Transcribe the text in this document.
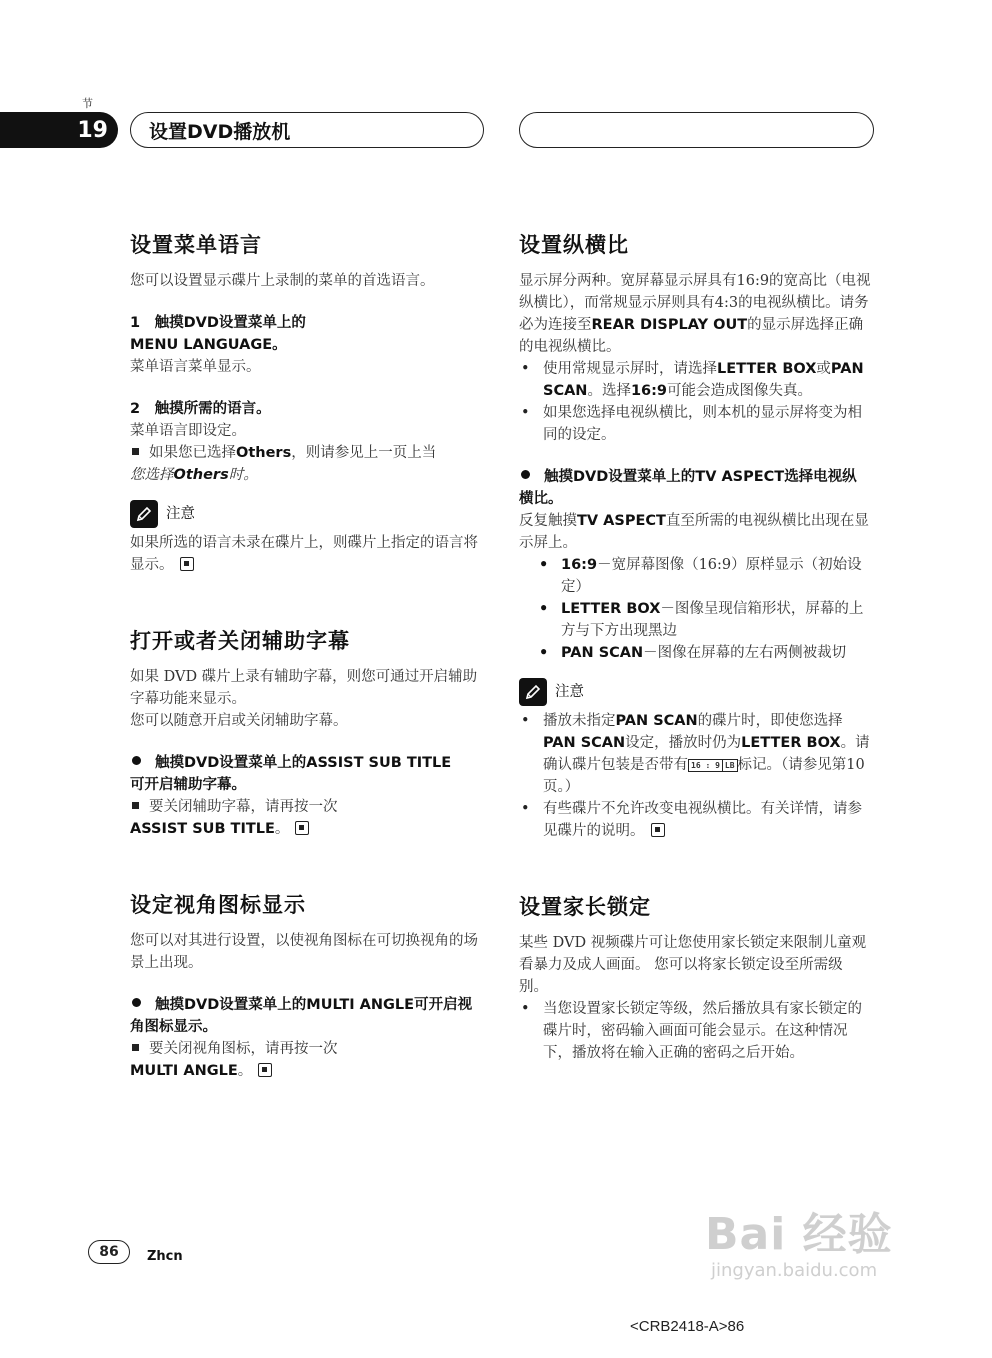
节
19	设置DVD播放机
设置菜单语言

您可以设置显示碟片上录制的菜单的首选语言。

1　触摸DVD设置菜单上的

MENU LANGUAGE。

菜单语言菜单显示。

2　触摸所需的语言。

菜单语言即设定。

如果您已选择Others，则请参见上一页上当
您选择Others时。

注意

如果所选的语言未录在碟片上，则碟片上指定的语言将显示。

打开或者关闭辅助字幕

如果 DVD 碟片上录有辅助字幕，则您可通过开启辅助字幕功能来显示。

您可以随意开启或关闭辅助字幕。

触摸DVD设置菜单上的ASSIST SUB TITLE
可开启辅助字幕。

要关闭辅助字幕，请再按一次
ASSIST SUB TITLE。

设定视角图标显示

您可以对其进行设置，以使视角图标在可切换视角的场景上出现。

触摸DVD设置菜单上的MULTI ANGLE可开启视角图标显示。

要关闭视角图标，请再按一次
MULTI ANGLE。

设置纵横比

显示屏分两种。宽屏幕显示屏具有16:9的宽高比（电视纵横比），而常规显示屏则具有4:3的电视纵横比。请务必为连接至REAR DISPLAY OUT的显示屏选择正确的电视纵横比。

• 使用常规显示屏时，请选择LETTER BOX或PAN SCAN。选择16:9可能会造成图像失真。

• 如果您选择电视纵横比，则本机的显示屏将变为相同的设定。

触摸DVD设置菜单上的TV ASPECT选择电视纵横比。

反复触摸TV ASPECT直至所需的电视纵横比出现在显示屏上。

• 16:9－宽屏幕图像（16:9）原样显示（初始设定）

• LETTER BOX－图像呈现信箱形状，屏幕的上方与下方出现黑边

• PAN SCAN－图像在屏幕的左右两侧被裁切

注意

• 播放未指定PAN SCAN的碟片时，即使您选择PAN SCAN设定，播放时仍为LETTER BOX。请确认碟片包装是否带有 16 : 9 LB 标记。（请参见第10页。）

• 有些碟片不允许改变电视纵横比。有关详情，请参见碟片的说明。

设置家长锁定

某些 DVD 视频碟片可让您使用家长锁定来限制儿童观看暴力及成人画面。 您可以将家长锁定设至所需级别。

• 当您设置家长锁定等级，然后播放具有家长锁定的碟片时，密码输入画面可能会显示。在这种情况下，播放将在输入正确的密码之后开始。

86	Zhcn	Bai 经验
jingyan.baidu.com
<CRB2418-A>86
